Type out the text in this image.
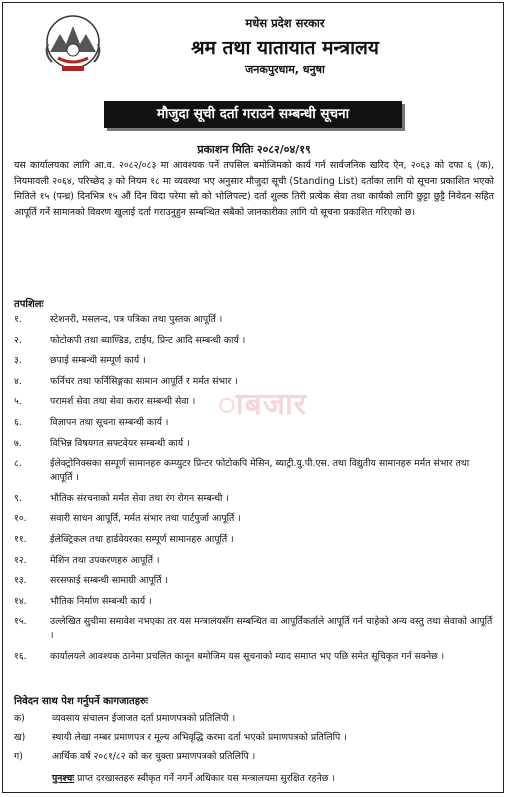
मधेस प्रदेश सरकार
श्रम तथा यातायात मन्त्रालय
जनकपुरधाम, धनुषा
मौजुदा सूची दर्ता गराउने सम्बन्धी सूचना
प्रकाशन मितिः २०८२/०४/१९
यस कार्यालयका लागि आ.व. २०८२/०८३ मा आवश्यक पर्ने तपसिल बमोजिमको कार्य गर्न सार्वजनिक खरिद ऐन, २०६३ को दफा ६ (क), नियमावली २०६४, परिच्छेद ३ को नियम १८ मा व्यवस्था भए अनुसार मौजुदा सूची (Standing List) दर्ताका लागि यो सूचना प्रकाशित भएको मितिले १५ (पन्ध्र) दिनभित्र १५ औं दिन विदा परेमा सो को भोलिपल्ट) दर्ता शुल्क तिरी प्रत्येक सेवा तथा कार्यको लागि छुट्टा छुट्टै निवेदन सहित आपूर्ति गर्ने सामानको विवरण खुलाई दर्ता गराउनुहुन सम्बन्धित सबैको जानकारीका लागि यो सूचना प्रकाशित गरिएको छ।
तपशिलः
ाबजार
१.	स्टेशनरी, मसलन्द, पत्र पत्रिका तथा पुस्तक आपूर्ति ।
२.	फोटोकपी तथा ब्याण्डिड, टाईप, प्रिन्ट आदि सम्बन्धी कार्य ।
३.	छपाई सम्बन्धी सम्पूर्ण कार्य ।
४.	फर्निचर तथा फर्निसिङ्गका सामान आपूर्ति र मर्मत संभार ।
५.	परामर्श सेवा तथा सेवा करार सम्बन्धी सेवा ।
६.	विज्ञापन तथा सूचना सम्बन्धी कार्य ।
७.	विभिन्न विषयगत सफ्टवेयर सम्बन्धी कार्य ।
८.	ईलेक्ट्रोनिक्सका सम्पूर्ण सामानहरु कम्प्युटर प्रिन्टर फोटोकपि मेसिन, ब्याट्री.यु.पी.एस. तथा विद्युतीय सामानहरु मर्मत संभार तथा आपूर्ति ।
९.	भौतिक संरचनाको मर्मत सेवा तथा रंग रोगन सम्बन्धी ।
१०.	सवारी साधन आपूर्ति, मर्मत संभार तथा पार्टपुर्जा आपूर्ति ।
११.	ईलेक्ट्रिकल तथा हार्डवेयरका सम्पूर्ण सामानहरु आपूर्ति ।
१२.	मेशिन तथा उपकरणहरु आपूर्ति ।
१३.	सरसफाई सम्बन्धी सामाग्री आपूर्ति ।
१४.	भौतिक निर्माण सम्बन्धी कार्य ।
१५.	उल्लेखित सुचीमा समावेश नभएका तर यस मन्त्रालयसँग सम्बन्धित वा आपूर्तिकर्ताले आपूर्ति गर्न चाहेको अन्य वस्तु तथा सेवाको आपूर्ति ।
१६.	कार्यालयले आवश्यक ठानेमा प्रचलित कानून बमोजिम यस सूचनाको म्याद समाप्त भए पछि समेत सूचिकृत गर्न सक्नेछ ।
निवेदन साथ पेश गर्नुपर्ने कागजातहरुः
क)	व्यवसाय संचालन ईजाजत दर्ता प्रमाणपत्रको प्रतिलिपी ।
ख)	स्थायी लेखा नम्बर प्रमाणपत्र र मूल्य अभिवृद्धि करमा दर्ता भएको प्रमाणपत्रको प्रतिलिपि ।
ग)	आर्थिक वर्ष २०८१/८२ को कर चुक्ता प्रमाणपत्रको प्रतिलिपि ।
पुनश्चः प्राप्त दरखास्तहरु स्वीकृत गर्ने नगर्ने अधिकार यस मन्त्रालयमा सुरक्षित रहनेछ ।
